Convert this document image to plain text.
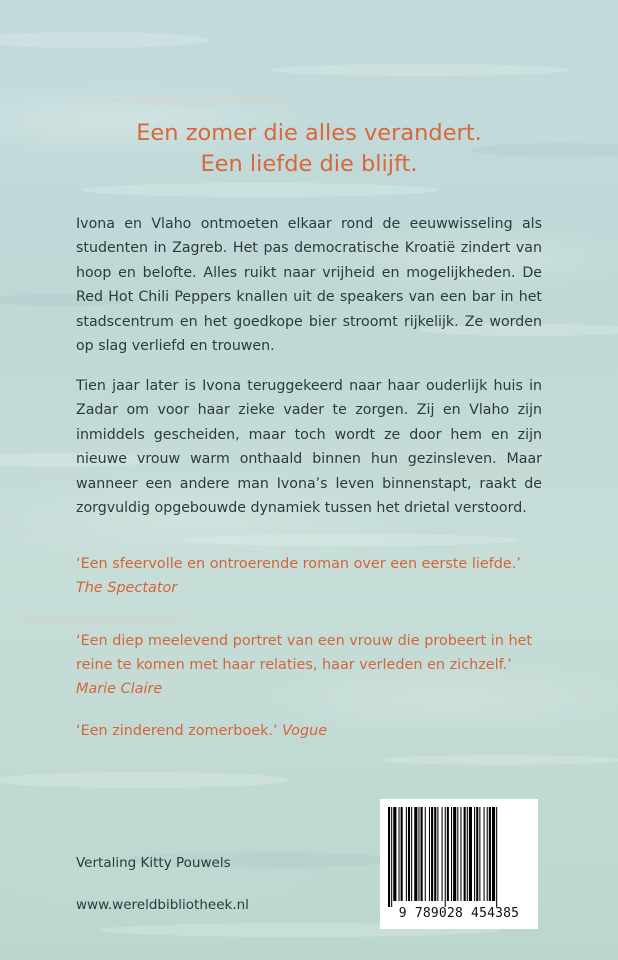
Een zomer die alles verandert.
Een liefde die blijft.
Ivona en Vlaho ontmoeten elkaar rond de eeuwwisseling als studenten in Zagreb. Het pas democratische Kroatië zindert van hoop en belofte. Alles ruikt naar vrijheid en mogelijkheden. De Red Hot Chili Peppers knallen uit de speakers van een bar in het stadscentrum en het goedkope bier stroomt rijkelijk. Ze worden op slag verliefd en trouwen.
Tien jaar later is Ivona teruggekeerd naar haar ouderlijk huis in Zadar om voor haar zieke vader te zorgen. Zij en Vlaho zijn inmiddels gescheiden, maar toch wordt ze door hem en zijn nieuwe vrouw warm onthaald binnen hun gezinsleven. Maar wanneer een andere man Ivona’s leven binnenstapt, raakt de zorgvuldig opgebouwde dynamiek tussen het drietal verstoord.
‘Een sfeervolle en ontroerende roman over een eerste liefde.’ The Spectator
‘Een diep meelevend portret van een vrouw die probeert in het reine te komen met haar relaties, haar verleden en zichzelf.’ Marie Claire
‘Een zinderend zomerboek.’ Vogue
Vertaling Kitty Pouwels
www.wereldbibliotheek.nl
9 789028 454385
